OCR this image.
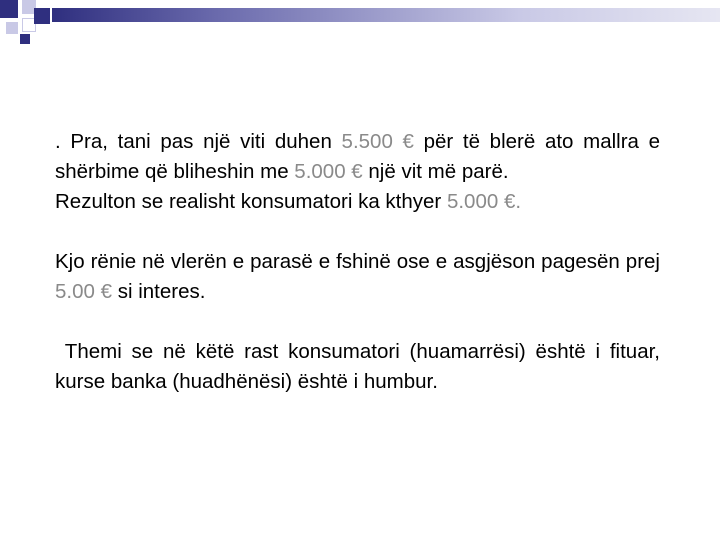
. Pra, tani pas një viti duhen 5.500 € për të blerë ato mallra e shërbime që bliheshin me 5.000 € një vit më parë.

Rezulton se realisht konsumatori ka kthyer 5.000 €.

Kjo rënie në vlerën e parasë e fshinë ose e asgjëson pagesën prej 5.00 € si interes.

Themi se në këtë rast konsumatori (huamarrësi) është i fituar, kurse banka (huadhënësi) është i humbur.
